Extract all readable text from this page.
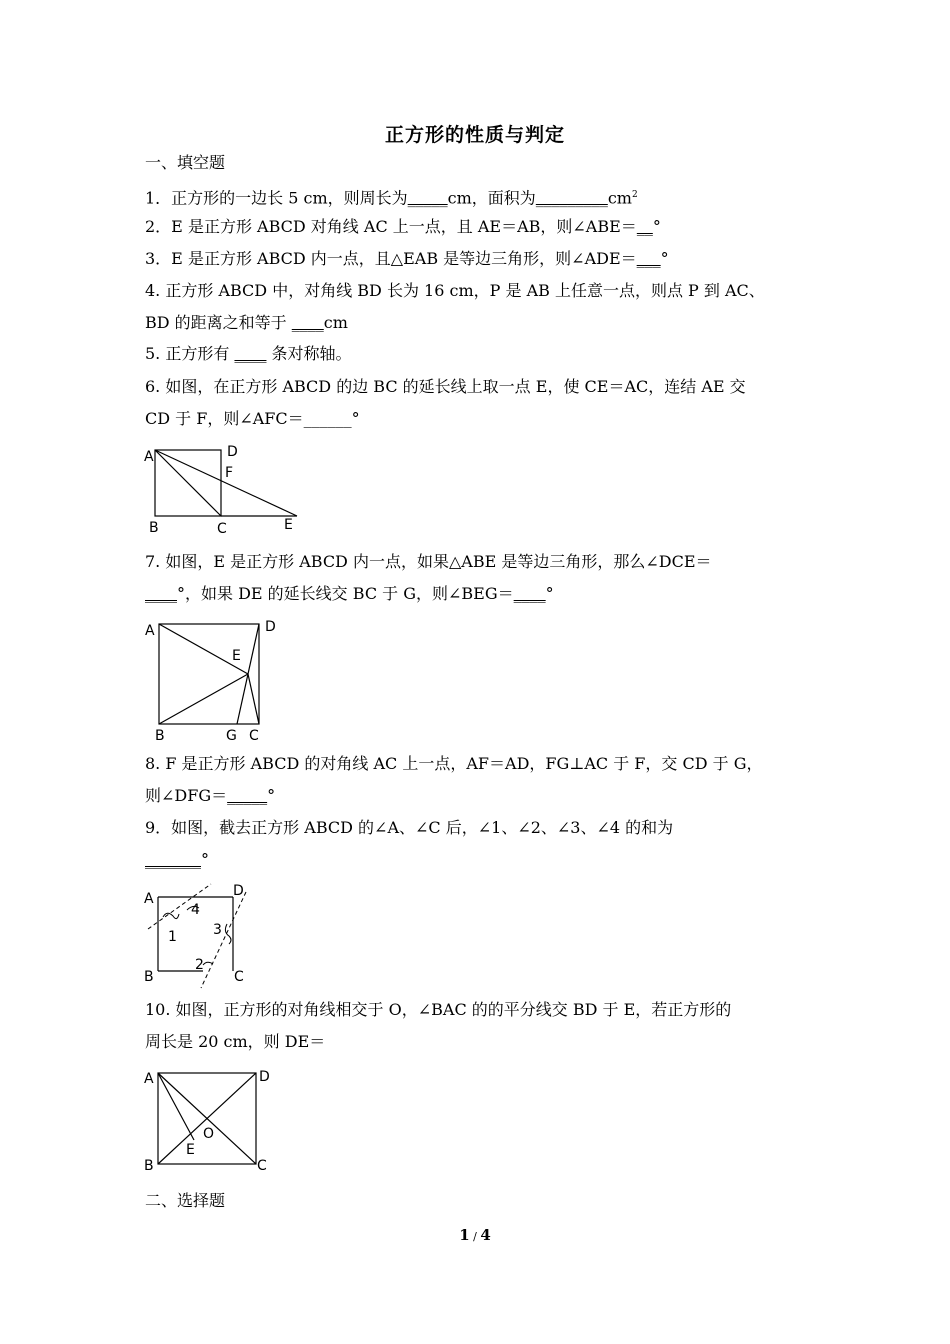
正方形的性质与判定
一、填空题
1．正方形的一边长 5 cm，则周长为_____cm，面积为$\_\_\_\_\_\_\_\_\_cm^2$
2．E 是正方形 ABCD 对角线 AC 上一点，且 AE＝AB，则∠ABE＝__°
3．E 是正方形 ABCD 内一点，且△EAB 是等边三角形，则∠ADE＝___°
4. 正方形 ABCD 中，对角线 BD 长为 16 cm，P 是 AB 上任意一点，则点 P 到 AC、
BD 的距离之和等于 ____cm
5. 正方形有 ____ 条对称轴。
6. 如图，在正方形 ABCD 的边 BC 的延长线上取一点 E，使 CE＝AC，连结 AE 交
CD 于 F，则∠AFC＝______°
A	D
F
B	C	E
7. 如图，E 是正方形 ABCD 内一点，如果△ABE 是等边三角形，那么∠DCE＝
____°，如果 DE 的延长线交 BC 于 G，则∠BEG＝____°
A	D
E
B	G C
8. F 是正方形 ABCD 的对角线 AC 上一点，AF＝AD，FG⊥AC 于 F，交 CD 于 G，
则∠DFG＝_____°
9．如图，截去正方形 ABCD 的∠A、∠C 后，∠1、∠2、∠3、∠4 的和为
_______°
A	D
B	C
1
2
3
4
10. 如图，正方形的对角线相交于 O，∠BAC 的的平分线交 BD 于 E，若正方形的
周长是 20 cm，则 DE＝
A	D
O
E
B	C
二、选择题
1 / 4
